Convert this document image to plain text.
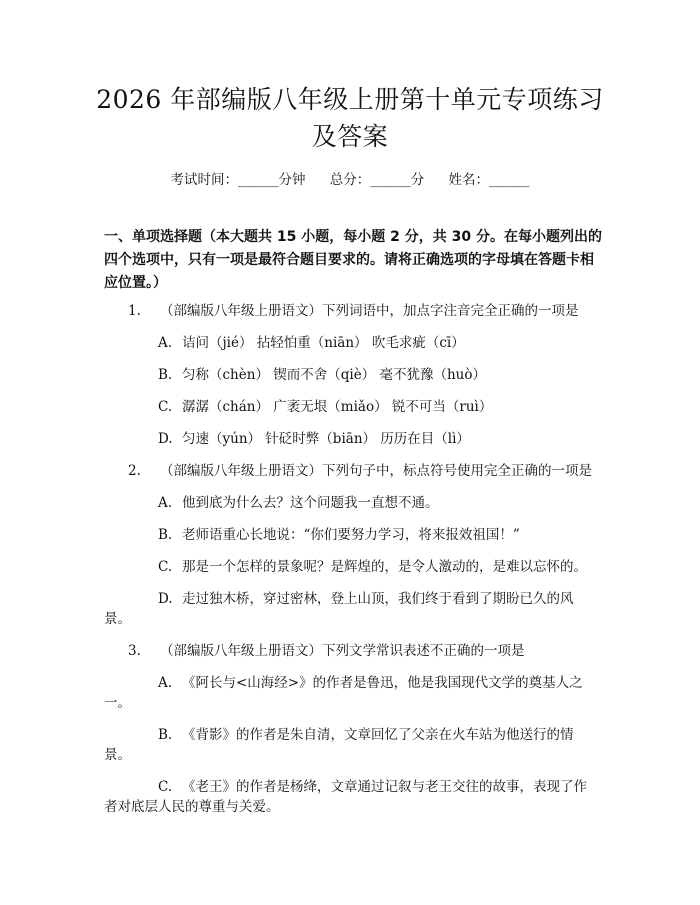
2026 年部编版八年级上册第十单元专项练习
及答案
考试时间：______分钟 总分：______分 姓名：______
一、单项选择题（本大题共 15 小题，每小题 2 分，共 30 分。在每小题列出的四个选项中，只有一项是最符合题目要求的。请将正确选项的字母填在答题卡相应位置。）
1. （部编版八年级上册语文）下列词语中，加点字注音完全正确的一项是
A. 诘问（jié） 拈轻怕重（niān） 吹毛求疵（cī）
B. 匀称（chèn） 锲而不舍（qiè） 毫不犹豫（huò）
C. 潺潺（chán） 广袤无垠（miǎo） 锐不可当（ruì）
D. 匀速（yún） 针砭时弊（biān） 历历在目（lì）
2. （部编版八年级上册语文）下列句子中，标点符号使用完全正确的一项是
A. 他到底为什么去？这个问题我一直想不通。
B. 老师语重心长地说：“你们要努力学习，将来报效祖国！”
C. 那是一个怎样的景象呢？是辉煌的，是令人激动的，是难以忘怀的。
D. 走过独木桥，穿过密林，登上山顶，我们终于看到了期盼已久的风
景。
3. （部编版八年级上册语文）下列文学常识表述不正确的一项是
A. 《阿长与<山海经>》的作者是鲁迅，他是我国现代文学的奠基人之
一。
B. 《背影》的作者是朱自清，文章回忆了父亲在火车站为他送行的情
景。
C. 《老王》的作者是杨绛，文章通过记叙与老王交往的故事，表现了作
者对底层人民的尊重与关爱。
